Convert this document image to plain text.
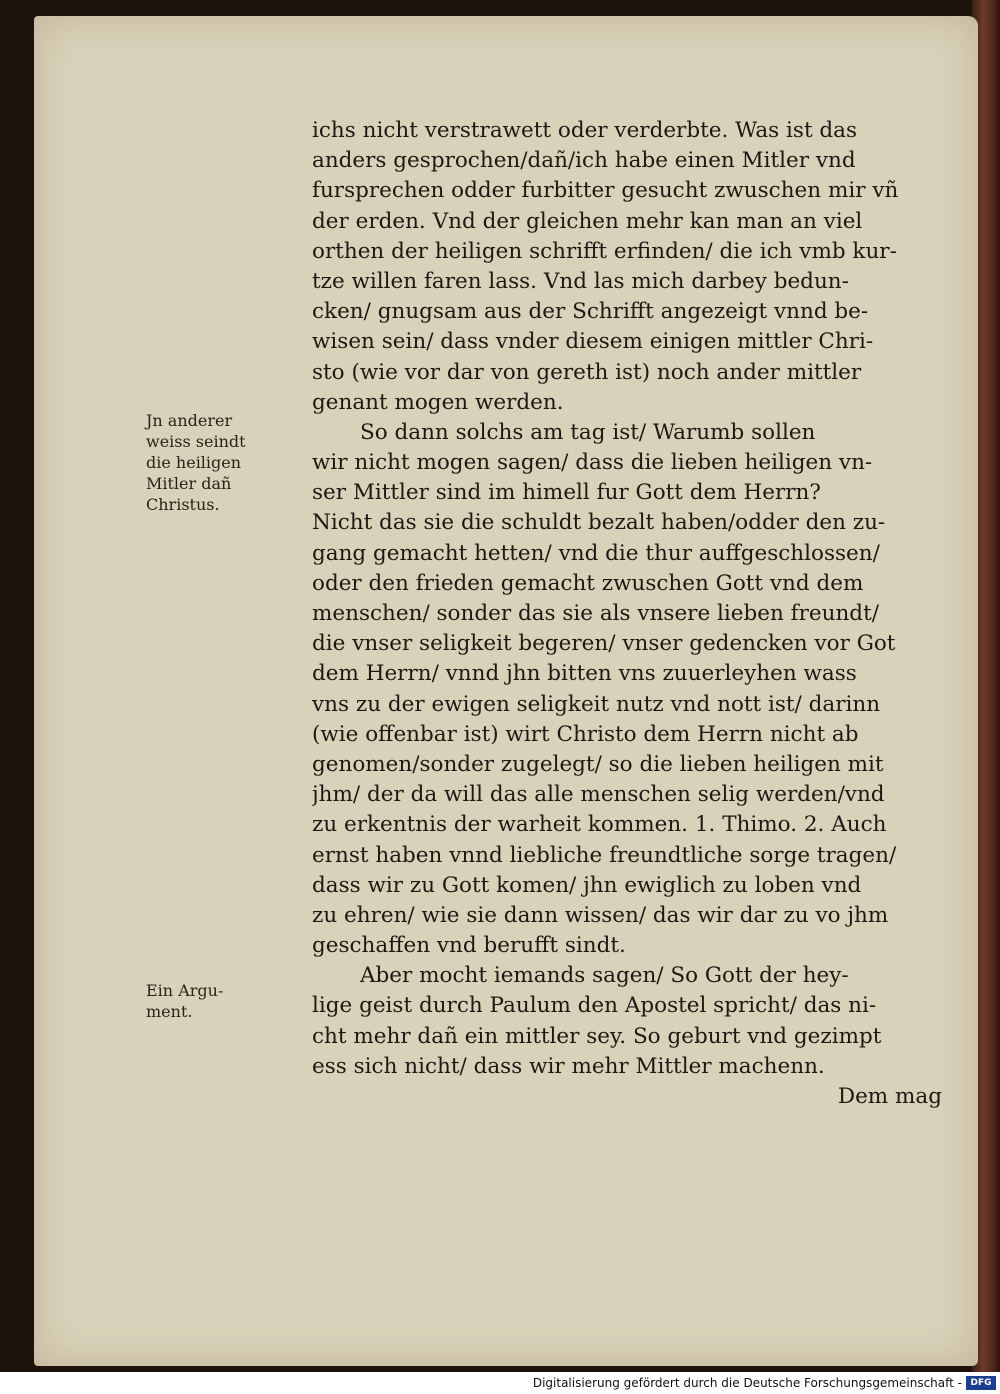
Jn anderer
weiss seindt
die heiligen
Mitler dañ
Christus.
Ein Argu-
ment.
ichs nicht verstrawett oder verderbte. Was ist das
anders gesprochen/dañ/ich habe einen Mitler vnd
fursprechen odder furbitter gesucht zwuschen mir vñ
der erden. Vnd der gleichen mehr kan man an viel
orthen der heiligen schrifft erfinden/ die ich vmb kur-
tze willen faren lass. Vnd las mich darbey bedun-
cken/ gnugsam aus der Schrifft angezeigt vnnd be-
wisen sein/ dass vnder diesem einigen mittler Chri-
sto (wie vor dar von gereth ist) noch ander mittler
genant mogen werden.
So dann solchs am tag ist/ Warumb sollen
wir nicht mogen sagen/ dass die lieben heiligen vn-
ser Mittler sind im himell fur Gott dem Herrn?
Nicht das sie die schuldt bezalt haben/odder den zu-
gang gemacht hetten/ vnd die thur auffgeschlossen/
oder den frieden gemacht zwuschen Gott vnd dem
menschen/ sonder das sie als vnsere lieben freundt/
die vnser seligkeit begeren/ vnser gedencken vor Got
dem Herrn/ vnnd jhn bitten vns zuuerleyhen wass
vns zu der ewigen seligkeit nutz vnd nott ist/ darinn
(wie offenbar ist) wirt Christo dem Herrn nicht ab
genomen/sonder zugelegt/ so die lieben heiligen mit
jhm/ der da will das alle menschen selig werden/vnd
zu erkentnis der warheit kommen. 1. Thimo. 2. Auch
ernst haben vnnd liebliche freundtliche sorge tragen/
dass wir zu Gott komen/ jhn ewiglich zu loben vnd
zu ehren/ wie sie dann wissen/ das wir dar zu vo jhm
geschaffen vnd berufft sindt.
Aber mocht iemands sagen/ So Gott der hey-
lige geist durch Paulum den Apostel spricht/ das ni-
cht mehr dañ ein mittler sey. So geburt vnd gezimpt
ess sich nicht/ dass wir mehr Mittler machenn.
Dem mag
Digitalisierung gefördert durch die Deutsche Forschungsgemeinschaft - DFG
